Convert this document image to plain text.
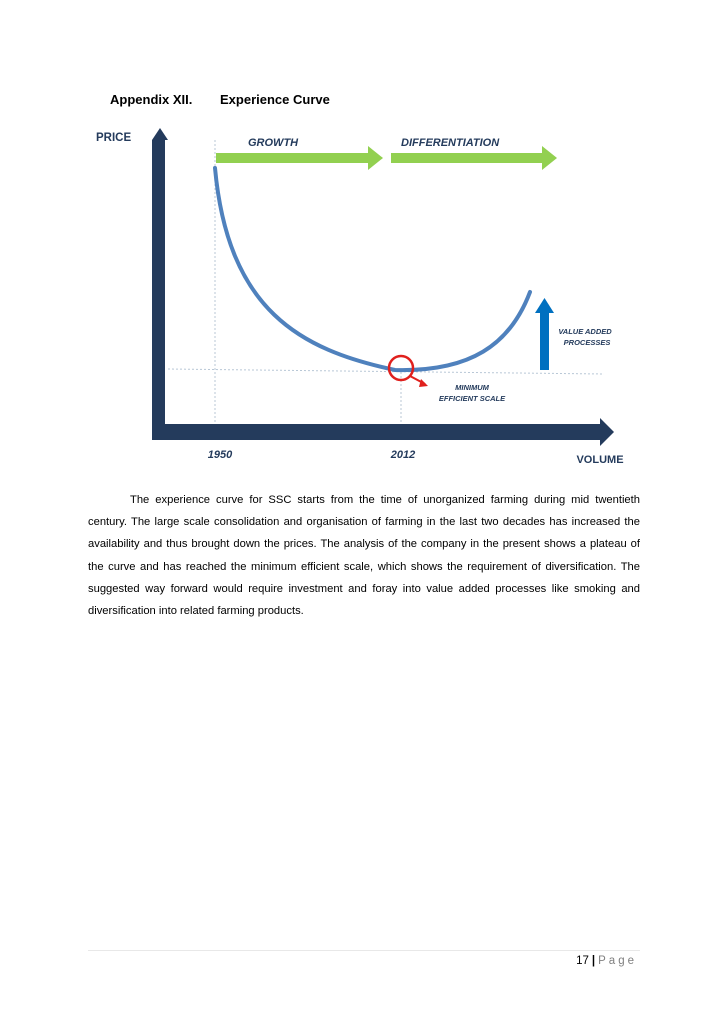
Appendix XII.	Experience Curve
PRICE	GROWTH	DIFFERENTIATION
VALUE ADDED
PROCESSES
MINIMUM
EFFICIENT SCALE
1950	2012	VOLUME

The experience curve for SSC starts from the time of unorganized farming during mid twentieth century. The large scale consolidation and organisation of farming in the last two decades has increased the availability and thus brought down the prices. The analysis of the company in the present shows a plateau of the curve and has reached the minimum efficient scale, which shows the requirement of diversification. The suggested way forward would require investment and foray into value added processes like smoking and diversification into related farming products.

17 | Page
